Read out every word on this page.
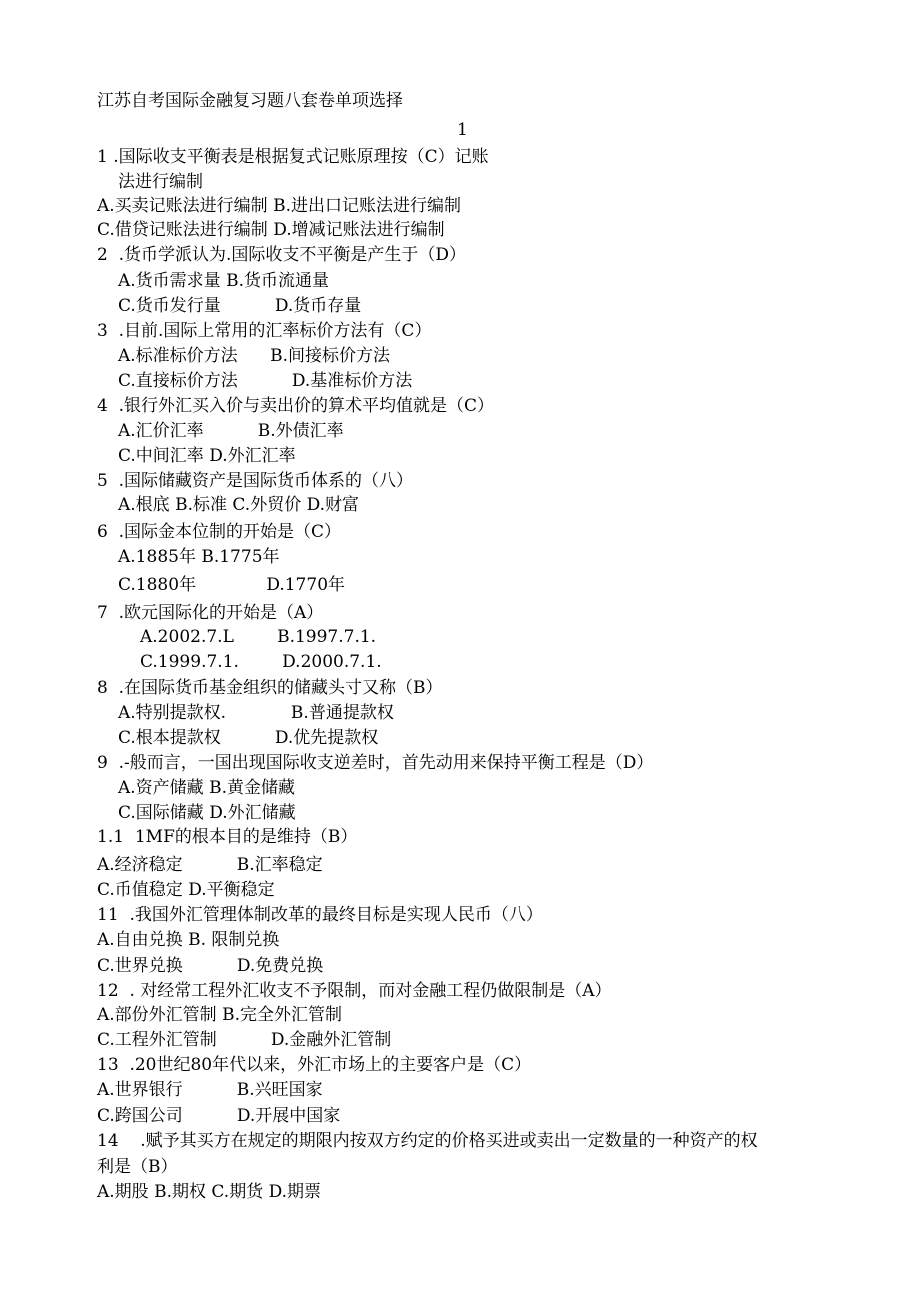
江苏自考国际金融复习题八套卷单项选择
1
1 .国际收支平衡表是根据复式记账原理按（C）记账
法进行编制
A.买卖记账法进行编制 B.进出口记账法进行编制
C.借贷记账法进行编制 D.增减记账法进行编制
2  .货币学派认为.国际收支不平衡是产生于（D）
A.货币需求量 B.货币流通量
C.货币发行量          D.货币存量
3  .目前.国际上常用的汇率标价方法有（C）
A.标准标价方法      B.间接标价方法
C.直接标价方法          D.基准标价方法
4  .银行外汇买入价与卖出价的算术平均值就是（C）
A.汇价汇率          B.外债汇率
C.中间汇率 D.外汇汇率
5  .国际储藏资产是国际货币体系的（八）
A.根底 B.标准 C.外贸价 D.财富
6  .国际金本位制的开始是（C）
A.1885年 B.1775年
C.1880年             D.1770年
7  .欧元国际化的开始是（A）
A.2002.7.L        B.1997.7.1.
C.1999.7.1.        D.2000.7.1.
8  .在国际货币基金组织的储藏头寸又称（B）
A.特别提款权.            B.普通提款权
C.根本提款权          D.优先提款权
9  .-般而言，一国出现国际收支逆差时，首先动用来保持平衡工程是（D）
A.资产储藏 B.黄金储藏
C.国际储藏 D.外汇储藏
1.1  1MF的根本目的是维持（B）
A.经济稳定          B.汇率稳定
C.币值稳定 D.平衡稳定
11  .我国外汇管理体制改革的最终目标是实现人民币（八）
A.自由兑换 B. 限制兑换
C.世界兑换          D.免费兑换
12  . 对经常工程外汇收支不予限制，而对金融工程仍做限制是（A）
A.部份外汇管制 B.完全外汇管制
C.工程外汇管制          D.金融外汇管制
13  .20世纪80年代以来，外汇市场上的主要客户是（C）
A.世界银行          B.兴旺国家
C.跨国公司          D.开展中国家
14    .赋予其买方在规定的期限内按双方约定的价格买进或卖出一定数量的一种资产的权
利是（B）
A.期股 B.期权 C.期货 D.期票
